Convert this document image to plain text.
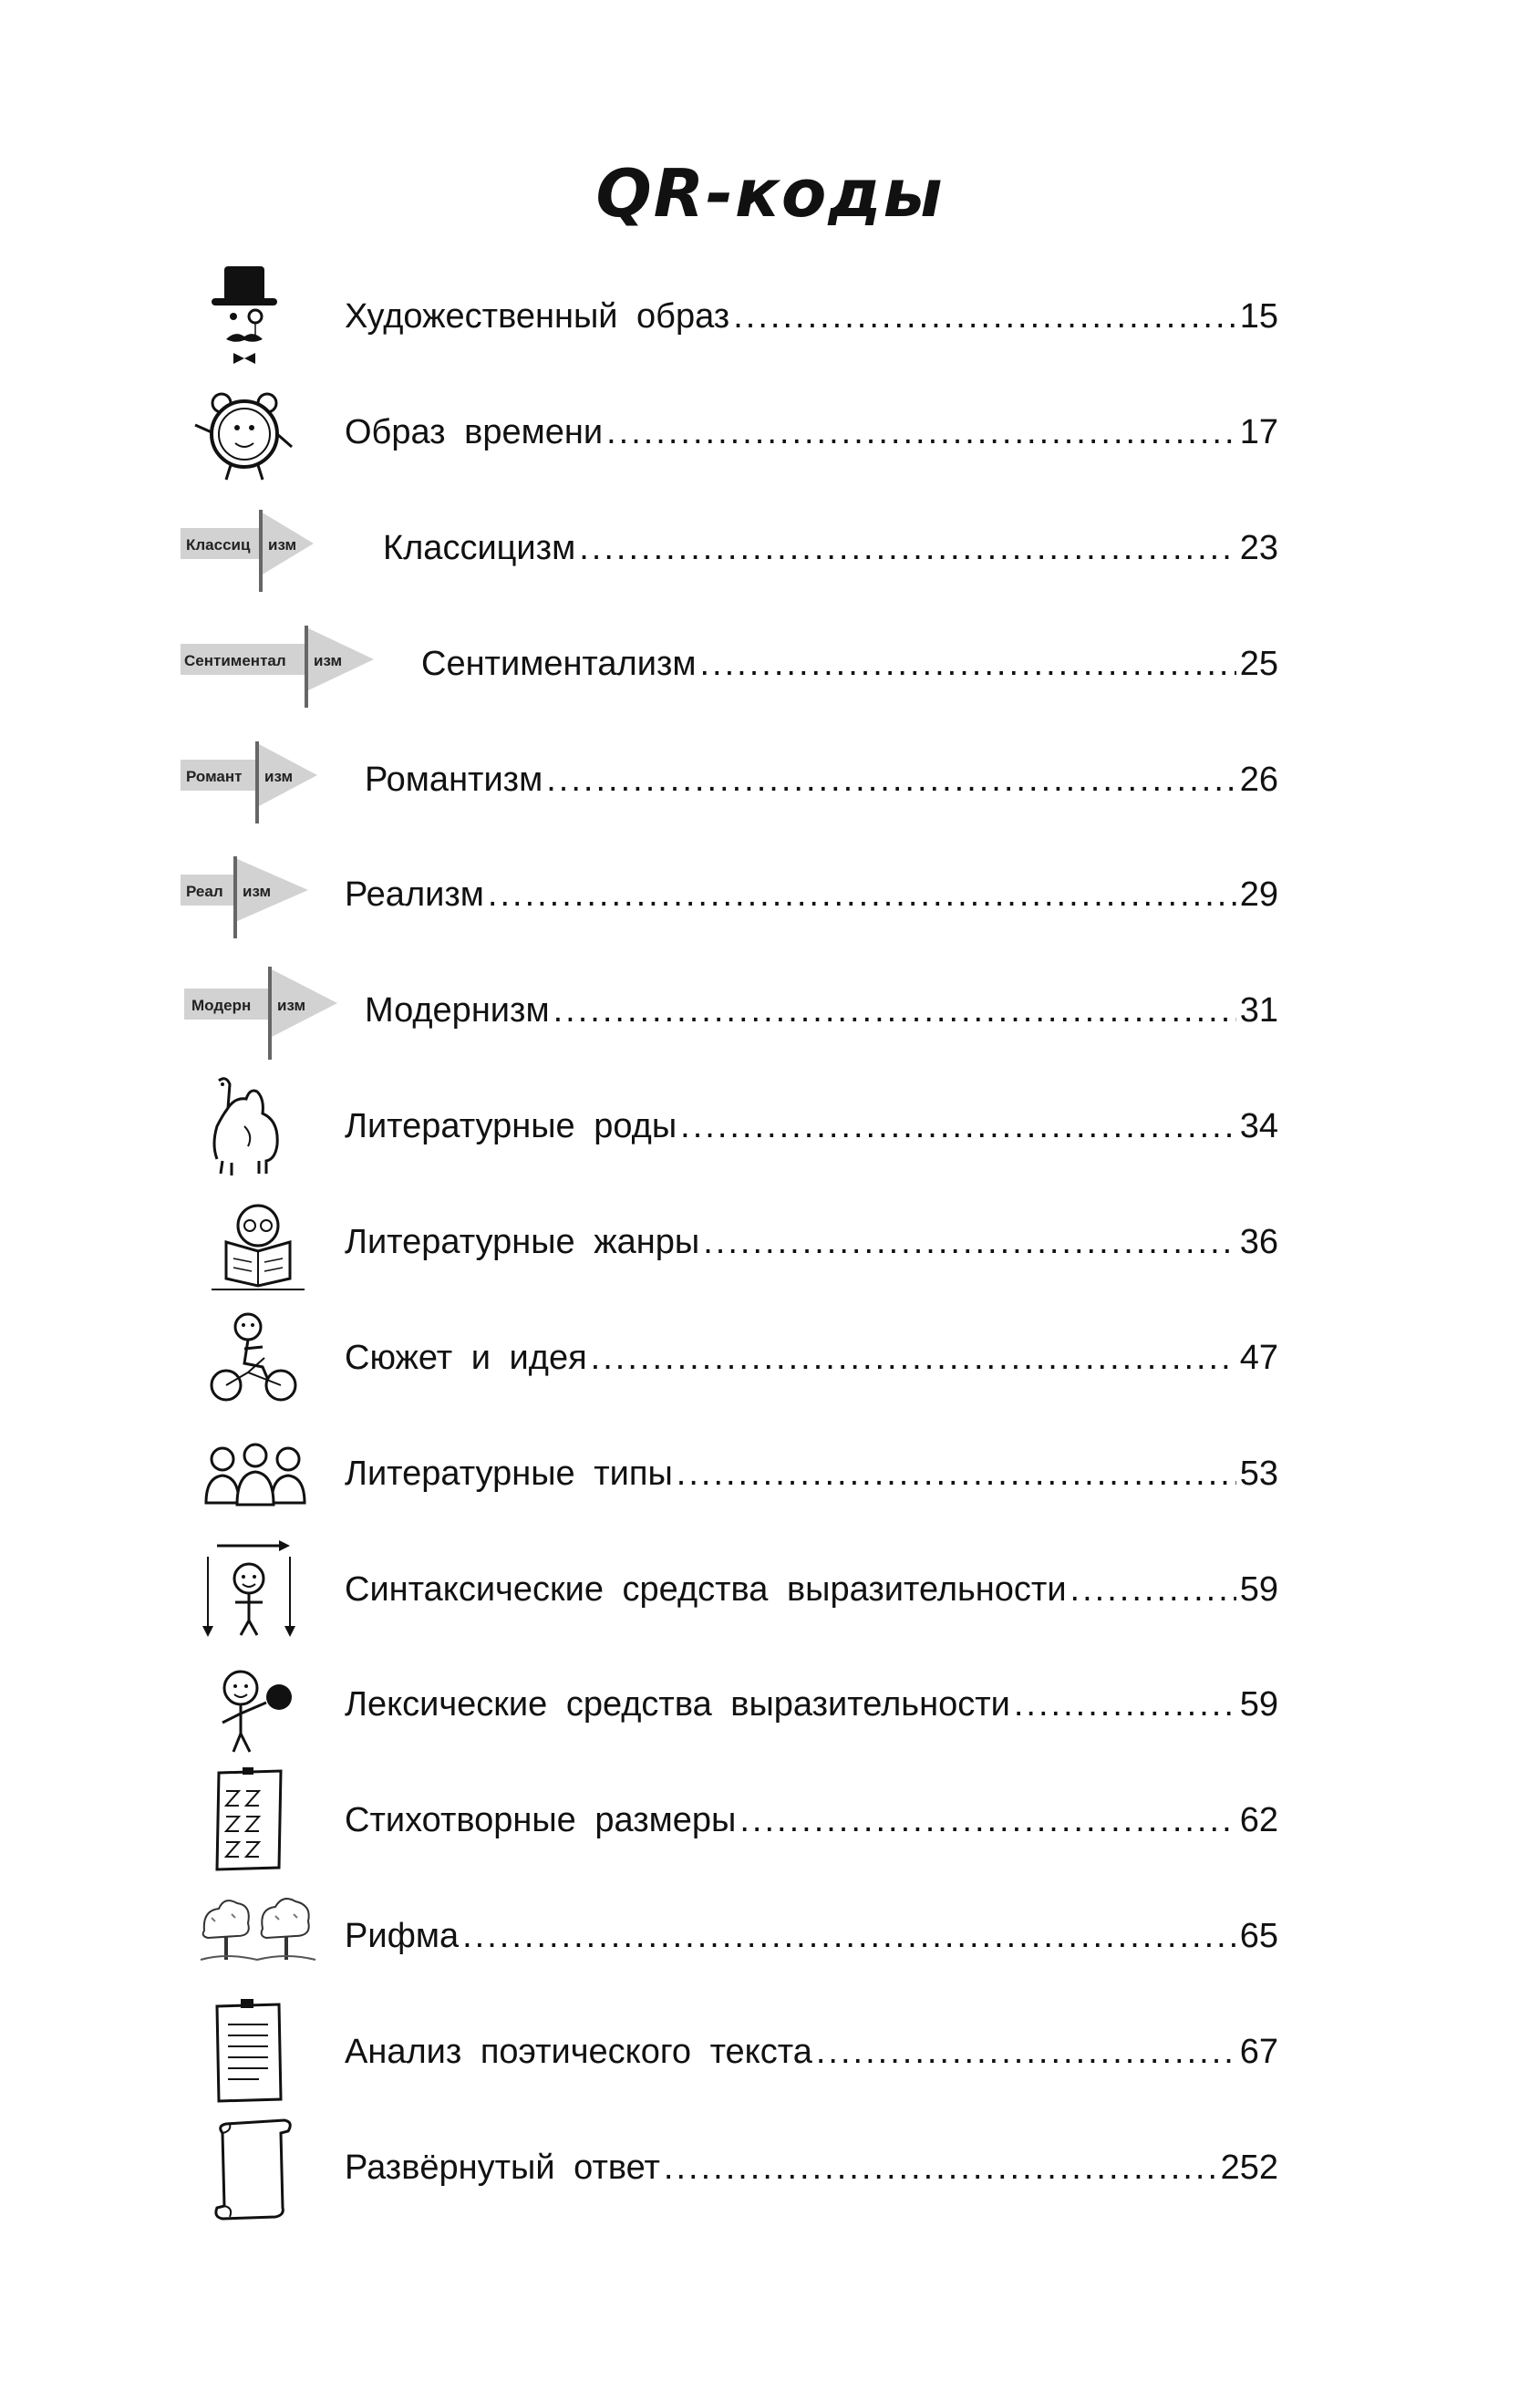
QR-коды
Художественный образ .....	15
Образ времени .....	17
Классиц изм Классицизм .....	23
Сентиментал изм Сентиментализм .....	25
Романт изм Романтизм .....	26
Реал изм Реализм .....	29
Модерн изм Модернизм .....	31
Литературные роды .....	34
Литературные жанры .....	36
Сюжет и идея .....	47
Литературные типы .....	53
Синтаксические средства выразительности .....	59
Лексические средства выразительности .....	59
Стихотворные размеры .....	62
Рифма .....	65
Анализ поэтического текста .....	67
Развёрнутый ответ .....	252
